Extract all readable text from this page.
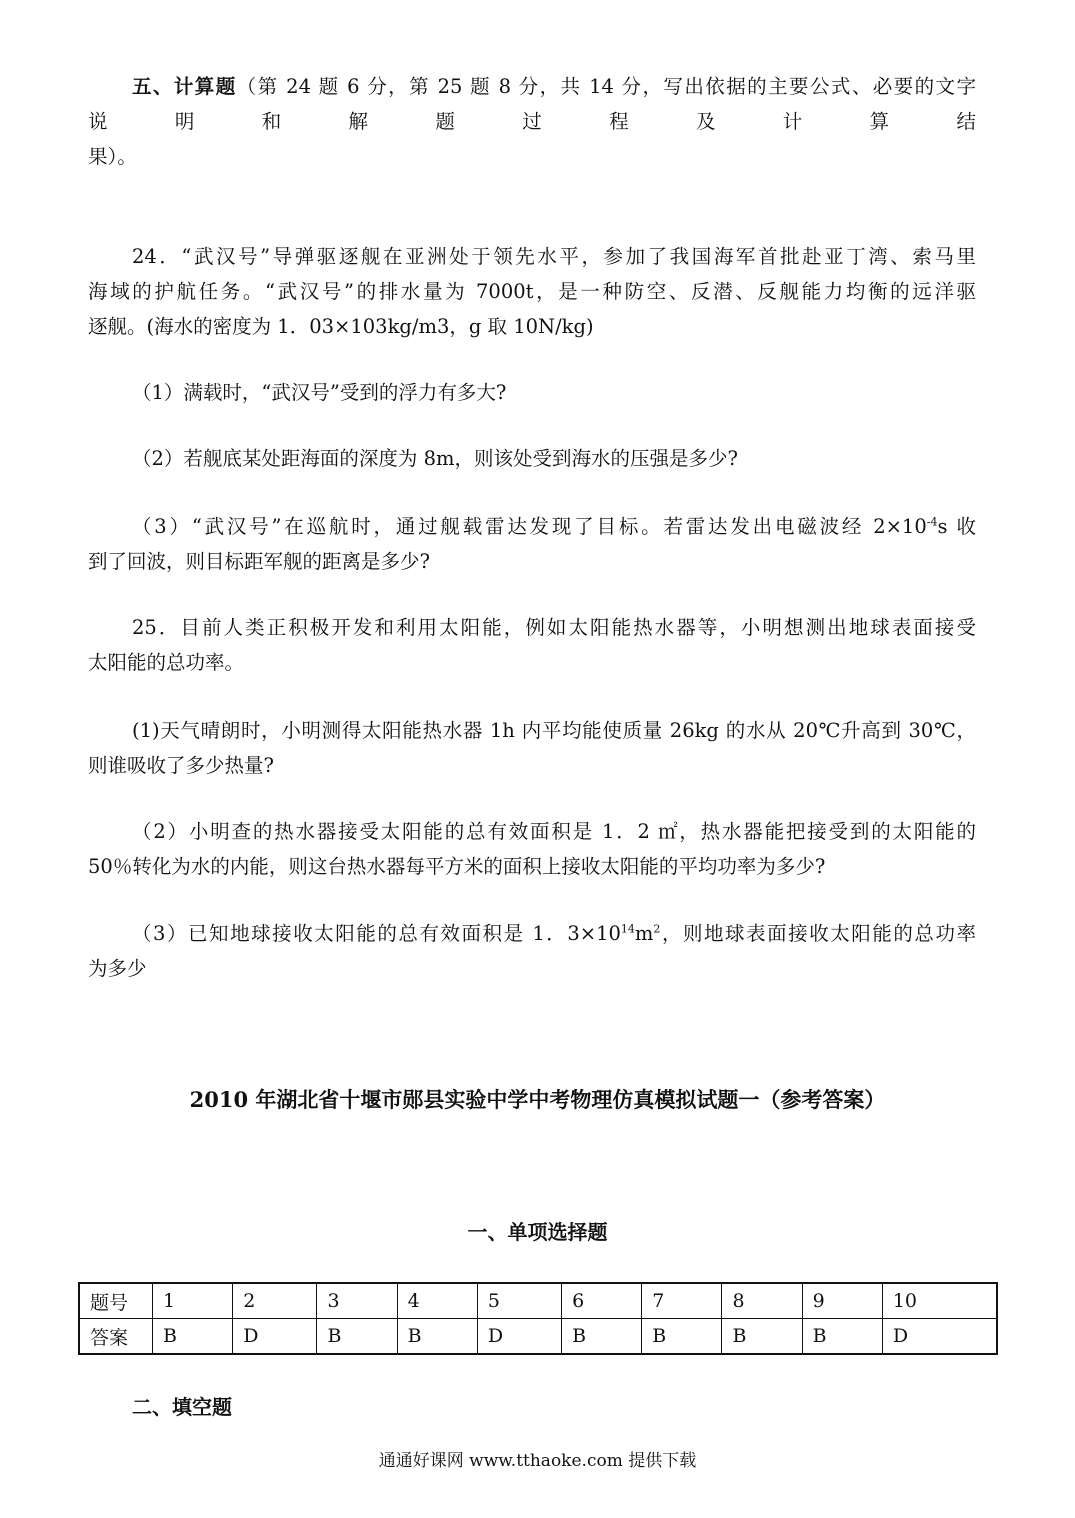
五、计算题（第 24 题 6 分，第 25 题 8 分，共 14 分，写出依据的主要公式、必要的文字

说明和解题过程及计算结

果）。

24．“武汉号”导弹驱逐舰在亚洲处于领先水平，参加了我国海军首批赴亚丁湾、索马里

海域的护航任务。“武汉号”的排水量为 7000t，是一种防空、反潜、反舰能力均衡的远洋驱

逐舰。(海水的密度为 1．03×103kg/m3，g 取 10N/kg)

（1）满载时，“武汉号”受到的浮力有多大?

（2）若舰底某处距海面的深度为 8m，则该处受到海水的压强是多少?

（3）“武汉号”在巡航时，通过舰载雷达发现了目标。若雷达发出电磁波经 $2\times 10^{-4}s$ 收

到了回波，则目标距军舰的距离是多少?

25．目前人类正积极开发和利用太阳能，例如太阳能热水器等，小明想测出地球表面接受

太阳能的总功率。

(1)天气晴朗时，小明测得太阳能热水器 1h 内平均能使质量 26kg 的水从 20℃升高到 30℃，

则谁吸收了多少热量?

（2）小明查的热水器接受太阳能的总有效面积是 1．2 ㎡，热水器能把接受到的太阳能的

50％转化为水的内能，则这台热水器每平方米的面积上接收太阳能的平均功率为多少?

（3）已知地球接收太阳能的总有效面积是 1．$3\times 10^{14}m^2$，则地球表面接收太阳能的总功率

为多少

2010 年湖北省十堰市郧县实验中学中考物理仿真模拟试题一（参考答案）

一、单项选择题

题号	1	2	3	4	5	6	7	8	9	10
答案	B	D	B	B	D	B	B	B	B	D

二、填空题

通通好课网 www.tthaoke.com 提供下载
